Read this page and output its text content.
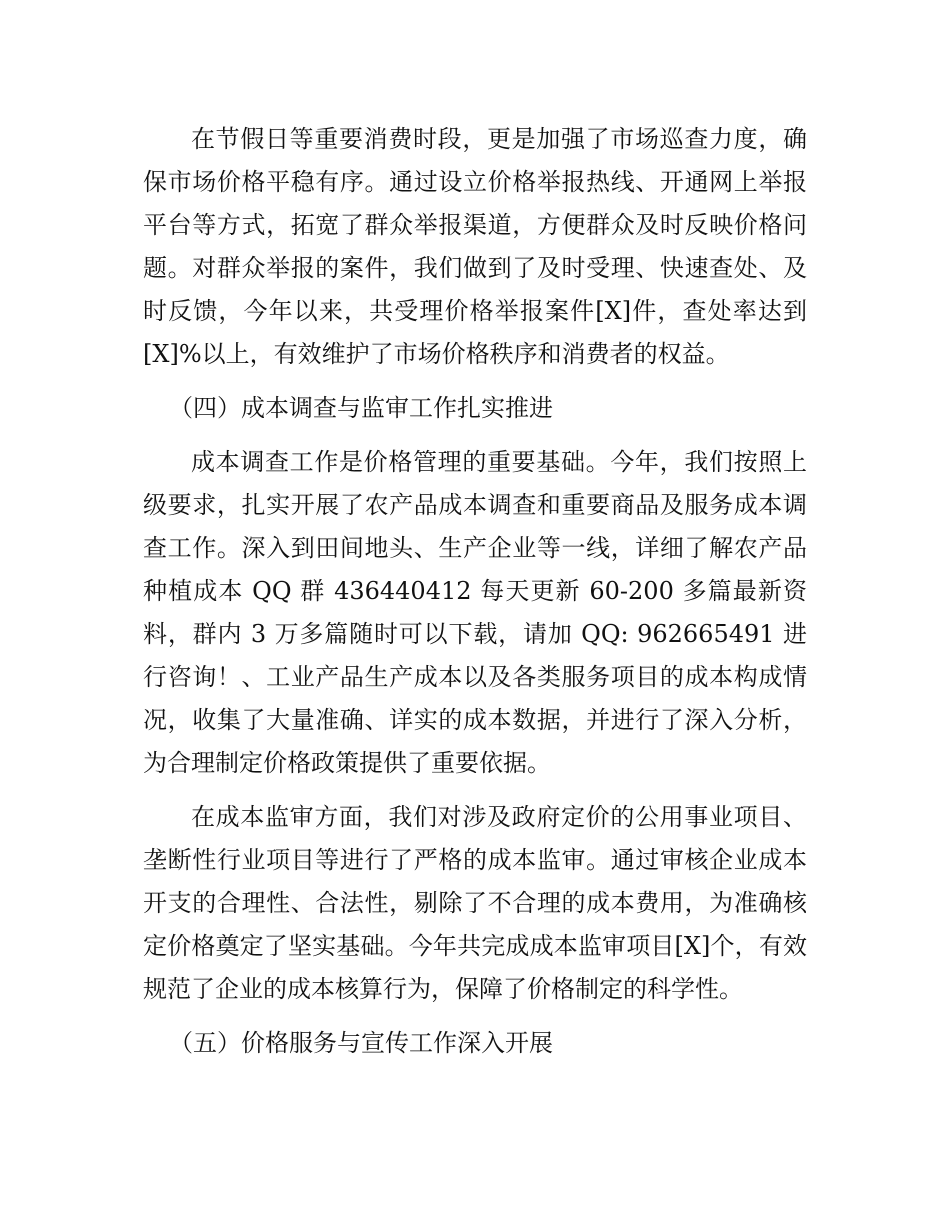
在节假日等重要消费时段，更是加强了市场巡查力度，确保市场价格平稳有序。通过设立价格举报热线、开通网上举报平台等方式，拓宽了群众举报渠道，方便群众及时反映价格问题。对群众举报的案件，我们做到了及时受理、快速查处、及时反馈，今年以来，共受理价格举报案件[X]件，查处率达到[X]%以上，有效维护了市场价格秩序和消费者的权益。

（四）成本调查与监审工作扎实推进

成本调查工作是价格管理的重要基础。今年，我们按照上级要求，扎实开展了农产品成本调查和重要商品及服务成本调查工作。深入到田间地头、生产企业等一线，详细了解农产品种植成本 QQ 群 436440412 每天更新 60-200 多篇最新资料，群内 3 万多篇随时可以下载，请加 QQ: 962665491 进行咨询！、工业产品生产成本以及各类服务项目的成本构成情况，收集了大量准确、详实的成本数据，并进行了深入分析，为合理制定价格政策提供了重要依据。

在成本监审方面，我们对涉及政府定价的公用事业项目、垄断性行业项目等进行了严格的成本监审。通过审核企业成本开支的合理性、合法性，剔除了不合理的成本费用，为准确核定价格奠定了坚实基础。今年共完成成本监审项目[X]个，有效规范了企业的成本核算行为，保障了价格制定的科学性。

（五）价格服务与宣传工作深入开展
